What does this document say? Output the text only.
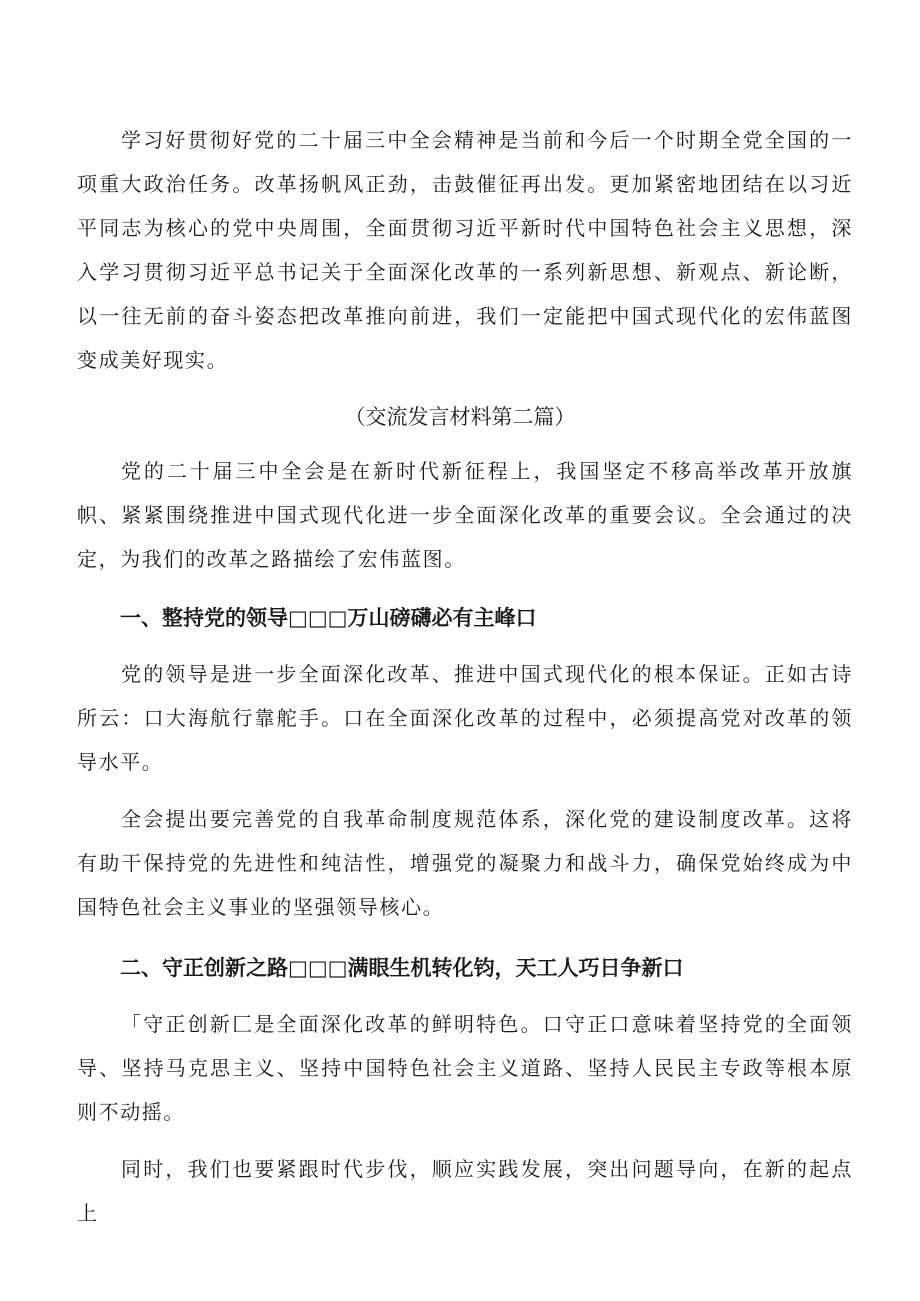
学习好贯彻好党的二十届三中全会精神是当前和今后一个时期全党全国的一项重大政治任务。改革扬帆风正劲，击鼓催征再出发。更加紧密地团结在以习近平同志为核心的党中央周围，全面贯彻习近平新时代中国特色社会主义思想，深入学习贯彻习近平总书记关于全面深化改革的一系列新思想、新观点、新论断，以一往无前的奋斗姿态把改革推向前进，我们一定能把中国式现代化的宏伟蓝图变成美好现实。

（交流发言材料第二篇）

党的二十届三中全会是在新时代新征程上，我国坚定不移高举改革开放旗帜、紧紧围绕推进中国式现代化进一步全面深化改革的重要会议。全会通过的决定，为我们的改革之路描绘了宏伟蓝图。

一、整持党的领导□□□万山磅礴必有主峰口

党的领导是进一步全面深化改革、推进中国式现代化的根本保证。正如古诗所云：口大海航行靠舵手。口在全面深化改革的过程中，必须提高党对改革的领导水平。

全会提出要完善党的自我革命制度规范体系，深化党的建设制度改革。这将有助干保持党的先进性和纯洁性，增强党的凝聚力和战斗力，确保党始终成为中国特色社会主义事业的坚强领导核心。

二、守正创新之路□□□满眼生机转化钧，天工人巧日争新口

「守正创新匚是全面深化改革的鲜明特色。口守正口意味着坚持党的全面领导、坚持马克思主义、坚持中国特色社会主义道路、坚持人民民主专政等根本原则不动摇。

同时，我们也要紧跟时代步伐，顺应实践发展，突出问题导向，在新的起点上
